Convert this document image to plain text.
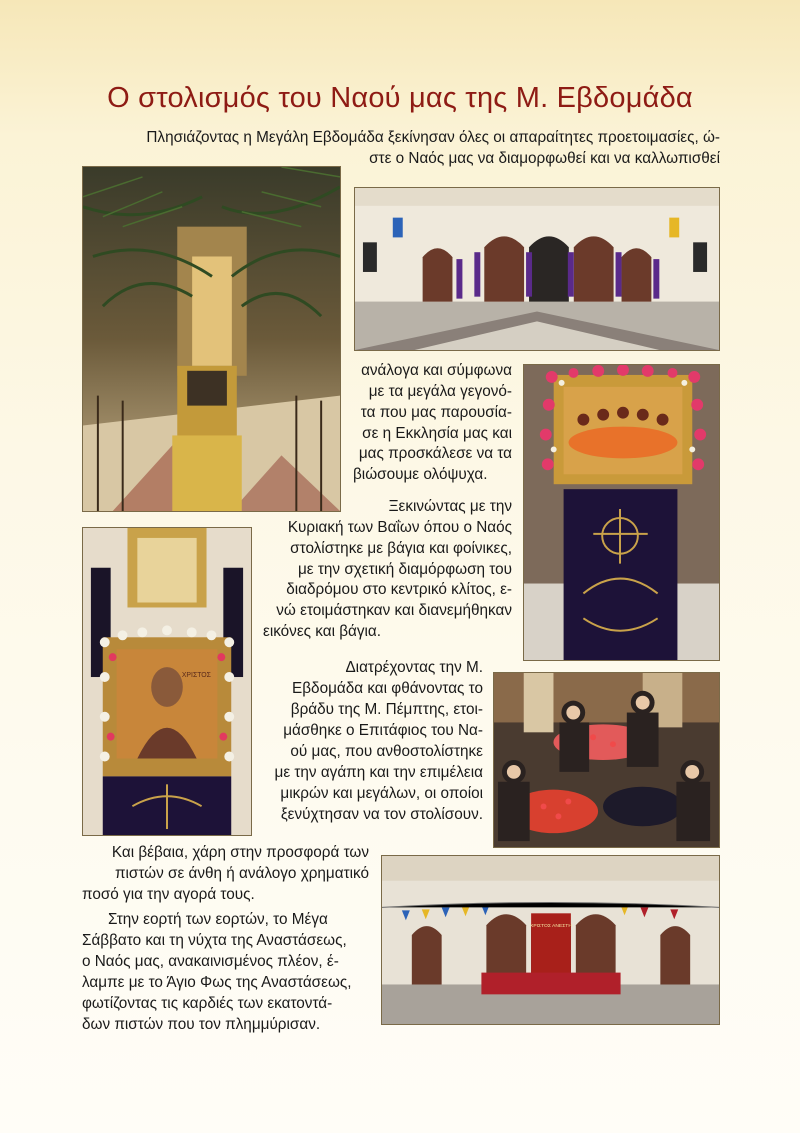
Ο στολισμός του Ναού μας της Μ. Εβδομάδα

Πλησιάζοντας η Μεγάλη Εβδομάδα ξεκίνησαν όλες οι απαραίτητες προετοιμασίες, ώ-

στε ο Ναός μας να διαμορφωθεί και να καλλωπισθεί

ανάλογα και σύμφωνα

με τα μεγάλα γεγονό-

τα που μας παρουσία-

σε η Εκκλησία μας και

μας προσκάλεσε να τα

βιώσουμε ολόψυχα.

Ξεκινώντας με την

Κυριακή των Βαΐων όπου ο Ναός

στολίστηκε με βάγια και φοίνικες,

με την σχετική διαμόρφωση του

διαδρόμου στο κεντρικό κλίτος, ε-

νώ ετοιμάστηκαν και διανεμήθηκαν

εικόνες και βάγια.

ΧΡΙΣΤΟΣ	Διατρέχοντας την Μ.

Εβδομάδα και φθάνοντας το

βράδυ της Μ. Πέμπτης, ετοι-

μάσθηκε ο Επιτάφιος του Να-

ού μας, που ανθοστολίστηκε

με την αγάπη και την επιμέλεια

μικρών και μεγάλων, οι οποίοι

ξενύχτησαν να τον στολίσουν.

Και βέβαια, χάρη στην προσφορά των

πιστών σε άνθη ή ανάλογο χρηματικό

ποσό για την αγορά τους.

Στην εορτή των εορτών, το Μέγα

Σάββατο και τη νύχτα της Αναστάσεως,

ο Ναός μας, ανακαινισμένος πλέον, έ-

λαμπε με το Άγιο Φως της Αναστάσεως,

φωτίζοντας τις καρδιές των εκατοντά-

δων πιστών που τον πλημμύρισαν.

ΧΡΙΣΤΟΣ ΑΝΕΣΤΗ
